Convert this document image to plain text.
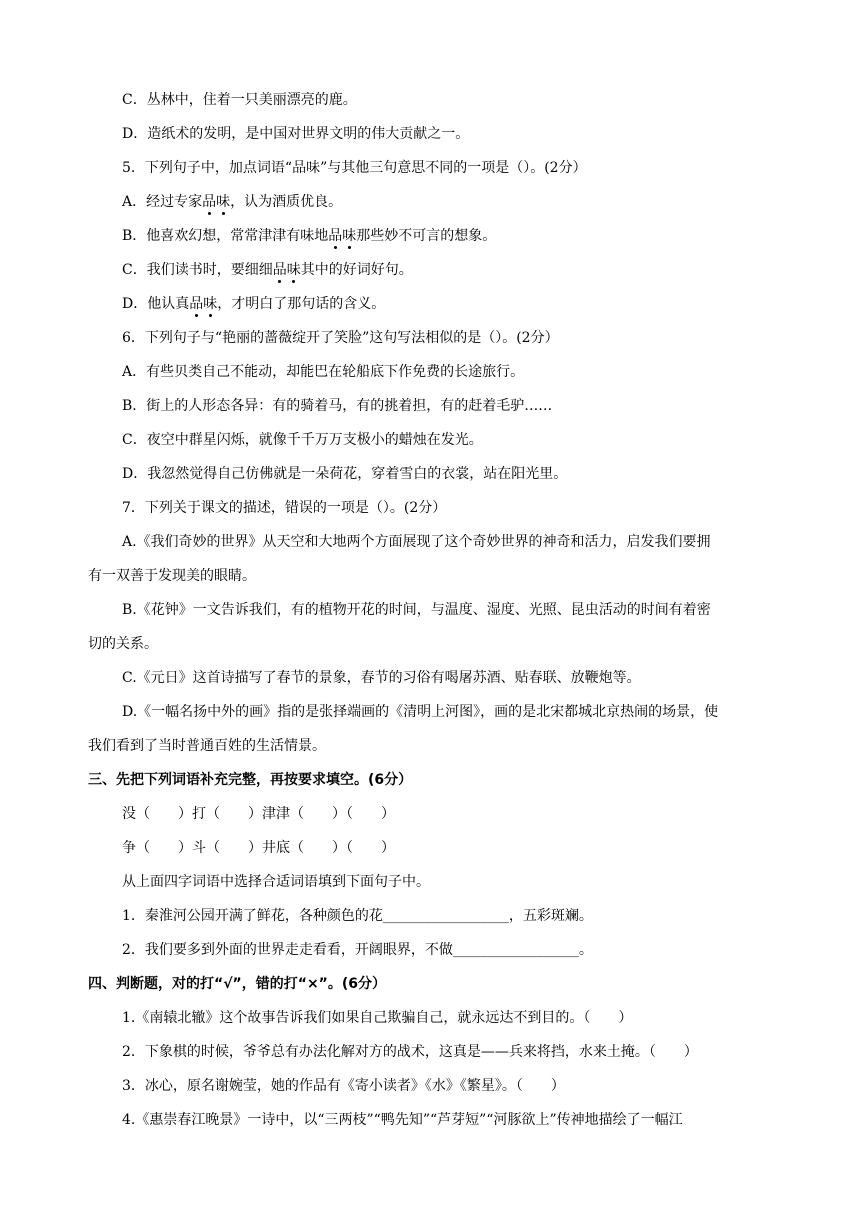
C．丛林中，住着一只美丽漂亮的鹿。
D．造纸术的发明，是中国对世界文明的伟大贡献之一。
5．下列句子中，加点词语“品味”与其他三句意思不同的一项是（）。(2分）
A．经过专家品味，认为酒质优良。
B．他喜欢幻想，常常津津有味地品味那些妙不可言的想象。
C．我们读书时，要细细品味其中的好词好句。
D．他认真品味，才明白了那句话的含义。
6．下列句子与“艳丽的蔷薇绽开了笑脸”这句写法相似的是（）。(2分）
A．有些贝类自己不能动，却能巴在轮船底下作免费的长途旅行。
B．街上的人形态各异：有的骑着马，有的挑着担，有的赶着毛驴……
C．夜空中群星闪烁，就像千千万万支极小的蜡烛在发光。
D．我忽然觉得自己仿佛就是一朵荷花，穿着雪白的衣裳，站在阳光里。
7．下列关于课文的描述，错误的一项是（）。(2分）
A.《我们奇妙的世界》从天空和大地两个方面展现了这个奇妙世界的神奇和活力，启发我们要拥
有一双善于发现美的眼睛。
B.《花钟》一文告诉我们，有的植物开花的时间，与温度、湿度、光照、昆虫活动的时间有着密
切的关系。
C.《元日》这首诗描写了春节的景象，春节的习俗有喝屠苏酒、贴春联、放鞭炮等。
D.《一幅名扬中外的画》指的是张择端画的《清明上河图》，画的是北宋都城北京热闹的场景，使
我们看到了当时普通百姓的生活情景。
三、先把下列词语补充完整，再按要求填空。(6分）
没（　　）打（　　）津津（　　）（　　）
争（　　）斗（　　）井底（　　）（　　）
从上面四字词语中选择合适词语填到下面句子中。
1．秦淮河公园开满了鲜花，各种颜色的花__________________，五彩斑斓。
2．我们要多到外面的世界走走看看，开阔眼界，不做__________________。
四、判断题，对的打“√”，错的打“×”。(6分）
1.《南辕北辙》这个故事告诉我们如果自己欺骗自己，就永远达不到目的。（　　）
2．下象棋的时候，爷爷总有办法化解对方的战术，这真是——兵来将挡，水来土掩。（　　）
3．冰心，原名谢婉莹，她的作品有《寄小读者》《水》《繁星》。（　　）
4.《惠崇春江晚景》一诗中，以“三两枝”“鸭先知”“芦芽短”“河豚欲上”传神地描绘了一幅江
